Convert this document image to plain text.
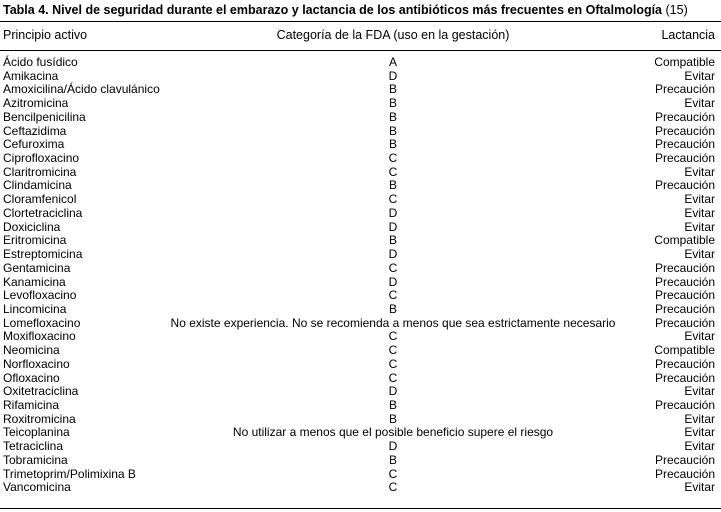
Tabla 4. Nivel de seguridad durante el embarazo y lactancia de los antibióticos más frecuentes en Oftalmología (15)
Principio activo	Categoría de la FDA (uso en la gestación)	Lactancia
Ácido fusídico	A	Compatible
Amikacina	D	Evitar
Amoxicilina/Ácido clavulánico	B	Precaución
Azitromicina	B	Evitar
Bencilpenicilina	B	Precaución
Ceftazidima	B	Precaución
Cefuroxima	B	Precaución
Ciprofloxacino	C	Precaución
Claritromicina	C	Evitar
Clindamicina	B	Precaución
Cloramfenicol	C	Evitar
Clortetraciclina	D	Evitar
Doxiciclina	D	Evitar
Eritromicina	B	Compatible
Estreptomicina	D	Evitar
Gentamicina	C	Precaución
Kanamicina	D	Precaución
Levofloxacino	C	Precaución
Lincomicina	B	Precaución
Lomefloxacino	No existe experiencia. No se recomienda a menos que sea estrictamente necesario	Precaución
Moxifloxacino	C	Evitar
Neomicina	C	Compatible
Norfloxacino	C	Precaución
Ofloxacino	C	Precaución
Oxitetraciclina	D	Evitar
Rifamicina	B	Precaución
Roxitromicina	B	Evitar
Teicoplanina	No utilizar a menos que el posible beneficio supere el riesgo	Evitar
Tetraciclina	D	Evitar
Tobramicina	B	Precaución
Trimetoprim/Polimixina B	C	Precaución
Vancomicina	C	Evitar
